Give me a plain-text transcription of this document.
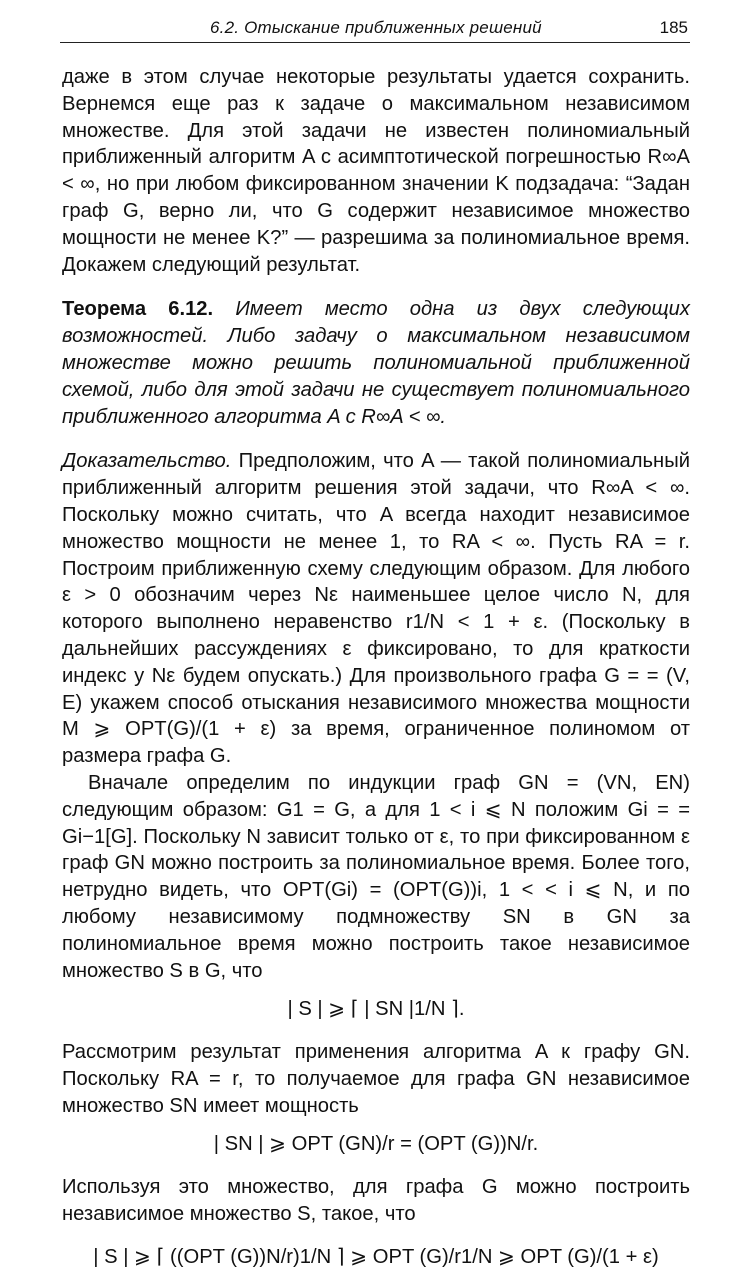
6.2. Отыскание приближенных решений	185

даже в этом случае некоторые результаты удается сохранить. Вернемся еще раз к задаче о максимальном независимом множестве. Для этой задачи не известен полиномиальный приближенный алгоритм A с асимптотической погрешностью R∞A < ∞, но при любом фиксированном значении K подзадача: “Задан граф G, верно ли, что G содержит независимое множество мощности не менее K?” — разрешима за полиномиальное время. Докажем следующий результат.

Теорема 6.12. Имеет место одна из двух следующих возможностей. Либо задачу о максимальном независимом множестве можно решить полиномиальной приближенной схемой, либо для этой задачи не существует полиномиального приближенного алгоритма A с R∞A < ∞.

Доказательство. Предположим, что A — такой полиномиальный приближенный алгоритм решения этой задачи, что R∞A < ∞. Поскольку можно считать, что A всегда находит независимое множество мощности не менее 1, то RA < ∞. Пусть RA = r. Построим приближенную схему следующим образом. Для любого ε > 0 обозначим через Nε наименьшее целое число N, для которого выполнено неравенство r1/N < 1 + ε. (Поскольку в дальнейших рассуждениях ε фиксировано, то для краткости индекс у Nε будем опускать.) Для произвольного графа G = = (V, E) укажем способ отыскания независимого множества мощности M ⩾ OPT(G)/(1 + ε) за время, ограниченное полиномом от размера графа G.

Вначале определим по индукции граф GN = (VN, EN) следующим образом: G1 = G, а для 1 < i ⩽ N положим Gi = = Gi−1[G]. Поскольку N зависит только от ε, то при фиксированном ε граф GN можно построить за полиномиальное время. Более того, нетрудно видеть, что OPT(Gi) = (OPT(G))i, 1 < < i ⩽ N, и по любому независимому подмножеству SN в GN за полиномиальное время можно построить такое независимое множество S в G, что

| S | ⩾ ⌈ | SN |1/N ⌉.

Рассмотрим результат применения алгоритма A к графу GN. Поскольку RA = r, то получаемое для графа GN независимое множество SN имеет мощность

| SN | ⩾ OPT (GN)/r = (OPT (G))N/r.

Используя это множество, для графа G можно построить независимое множество S, такое, что

| S | ⩾ ⌈ ((OPT (G))N/r)1/N ⌉ ⩾ OPT (G)/r1/N ⩾ OPT (G)/(1 + ε)
